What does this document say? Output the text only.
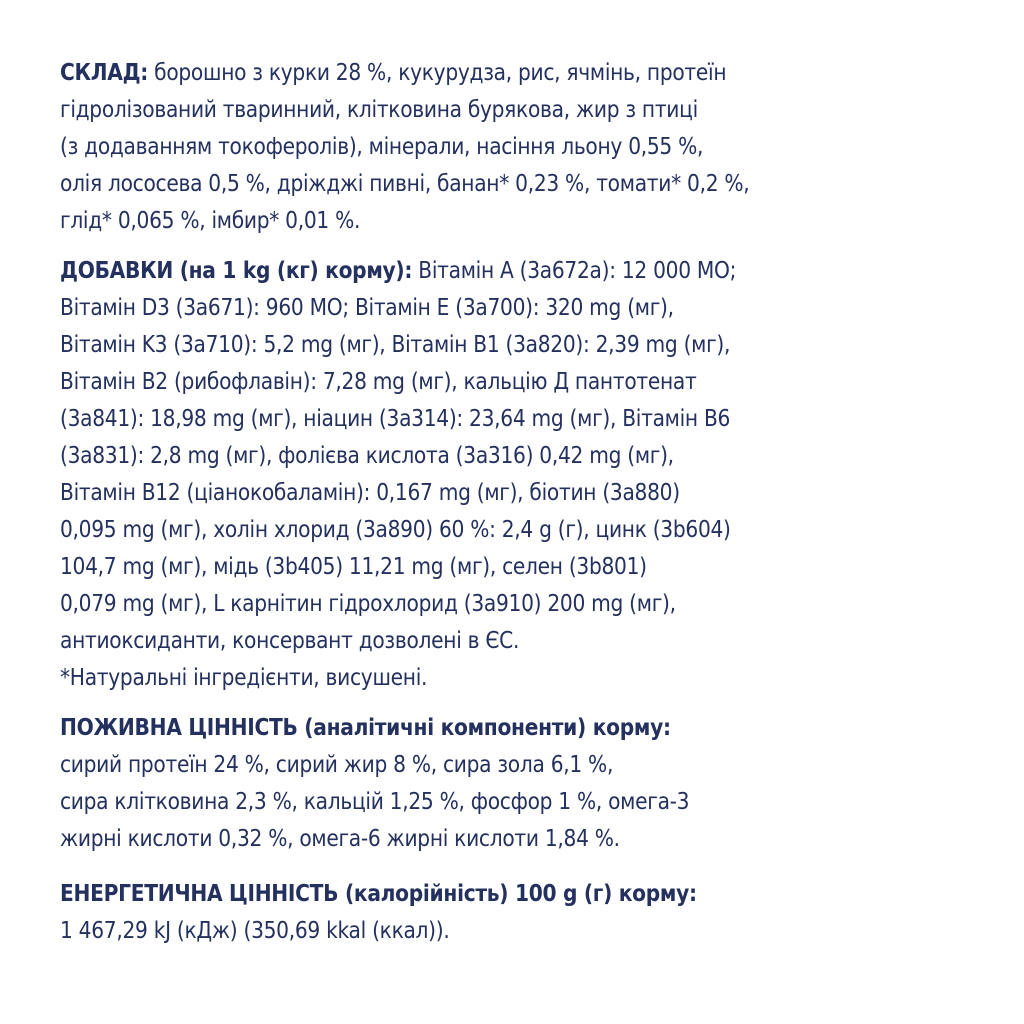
СКЛАД: борошно з курки 28 %, кукурудза, рис, ячмінь, протеїн
гідролізований тваринний, клітковина бурякова, жир з птиці
(з додаванням токоферолів), мінерали, насіння льону 0,55 %,
олія лососева 0,5 %, дріжджі пивні, банан* 0,23 %, томати* 0,2 %,
глід* 0,065 %, імбир* 0,01 %.

ДОБАВКИ (на 1 kg (кг) корму): Вітамін A (3a672a): 12 000 МО;
Вітамін D3 (3a671): 960 МО; Вітамін E (3a700): 320 mg (мг),
Вітамін K3 (3a710): 5,2 mg (мг), Вітамін B1 (3a820): 2,39 mg (мг),
Вітамін B2 (рибофлавін): 7,28 mg (мг), кальцію Д пантотенат
(3a841): 18,98 mg (мг), ніацин (3a314): 23,64 mg (мг), Вітамін B6
(3a831): 2,8 mg (мг), фолієва кислота (3a316) 0,42 mg (мг),
Вітамін B12 (ціанокобаламін): 0,167 mg (мг), біотин (3a880)
0,095 mg (мг), холін хлорид (3a890) 60 %: 2,4 g (г), цинк (3b604)
104,7 mg (мг), мідь (3b405) 11,21 mg (мг), селен (3b801)
0,079 mg (мг), L карнітин гідрохлорид (3a910) 200 mg (мг),
антиоксиданти, консервант дозволені в ЄС.
*Натуральні інгредієнти, висушені.

ПОЖИВНА ЦІННІСТЬ (аналітичні компоненти) корму:
сирий протеїн 24 %, сирий жир 8 %, сира зола 6,1 %,
сира клітковина 2,3 %, кальцій 1,25 %, фосфор 1 %, омега-3
жирні кислоти 0,32 %, омега-6 жирні кислоти 1,84 %.

ЕНЕРГЕТИЧНА ЦІННІСТЬ (калорійність) 100 g (г) корму:
1 467,29 kJ (кДж) (350,69 kkal (ккал)).
